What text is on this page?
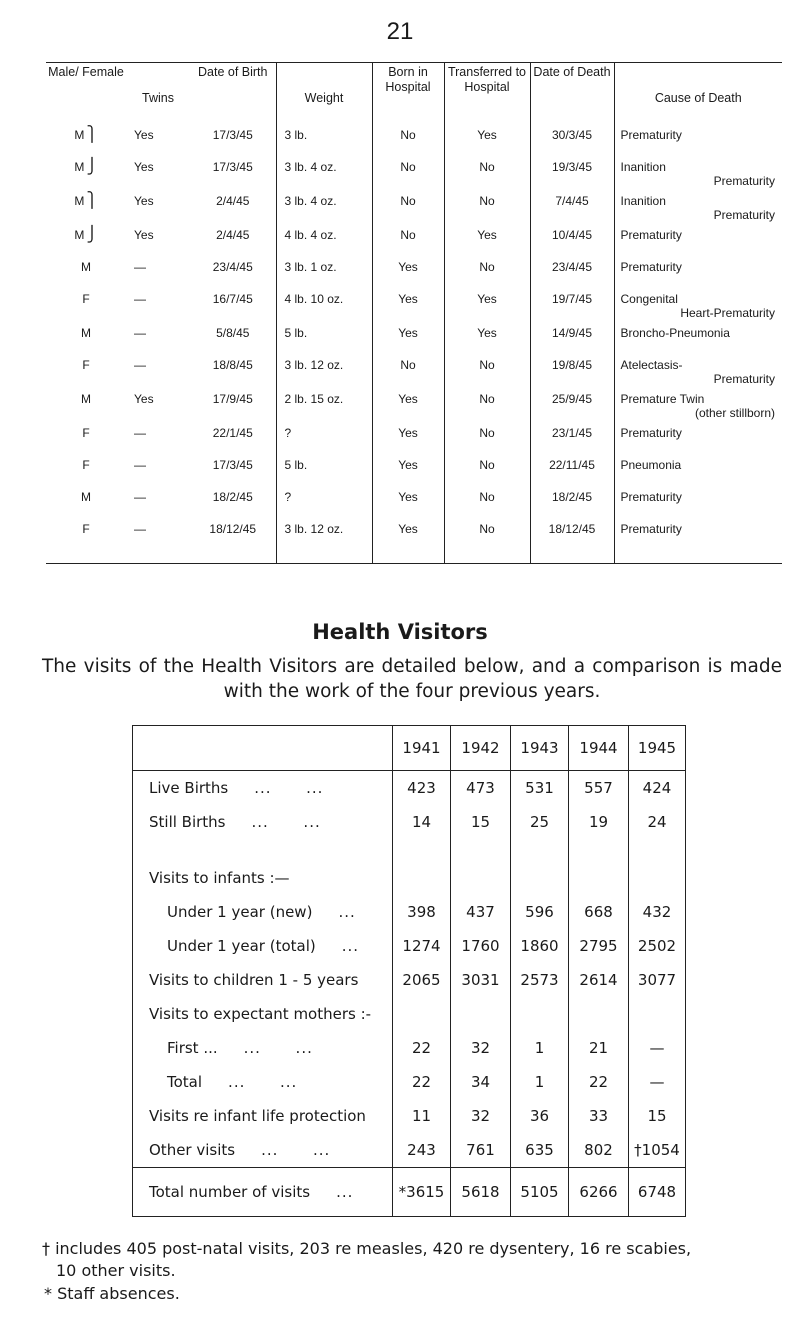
21
Male/ Female	Twins	Date of Birth	Weight	Born in Hospital	Transferred to Hospital	Date of Death	Cause of Death
M ⎫	Yes	17/3/45	3 lb.	No	Yes	30/3/45	Prematurity

M ⎭	Yes	17/3/45	3 lb. 4 oz.	No	No	19/3/45	Inanition
Prematurity

M ⎫	Yes	2/4/45	3 lb. 4 oz.	No	No	7/4/45	Inanition
Prematurity

M ⎭	Yes	2/4/45	4 lb. 4 oz.	No	Yes	10/4/45	Prematurity

M	—	23/4/45	3 lb. 1 oz.	Yes	No	23/4/45	Prematurity

F	—	16/7/45	4 lb. 10 oz.	Yes	Yes	19/7/45	Congenital
Heart-Prematurity

M	—	5/8/45	5 lb.	Yes	Yes	14/9/45	Broncho-Pneumonia

F	—	18/8/45	3 lb. 12 oz.	No	No	19/8/45	Atelectasis-
Prematurity

M	Yes	17/9/45	2 lb. 15 oz.	Yes	No	25/9/45	Premature Twin
(other stillborn)

F	—	22/1/45	?	Yes	No	23/1/45	Prematurity

F	—	17/3/45	5 lb.	Yes	No	22/11/45	Pneumonia

M	—	18/2/45	?	Yes	No	18/2/45	Prematurity

F	—	18/12/45	3 lb. 12 oz.	Yes	No	18/12/45	Prematurity

Health Visitors
The visits of the Health Visitors are detailed below, and a comparison is made with the work of the four previous years.
	1941	1942	1943	1944	1945
Live Births ...      ...	423	473	531	557	424
Still Births ...      ...	14	15	25	19	24

Visits to infants :—					
Under 1 year (new) ...	398	437	596	668	432
Under 1 year (total) ...	1274	1760	1860	2795	2502
Visits to children 1 - 5 years	2065	3031	2573	2614	3077
Visits to expectant mothers :-					
First ... ...      ...	22	32	1	21	—
Total ...      ...	22	34	1	22	—
Visits re infant life protection	11	32	36	33	15
Other visits ...      ...	243	761	635	802	†1054
Total number of visits ...	*3615	5618	5105	6266	6748
† includes 405 post-natal visits, 203 re measles, 420 re dysentery, 16 re scabies,
10 other visits.
* Staff absences.
